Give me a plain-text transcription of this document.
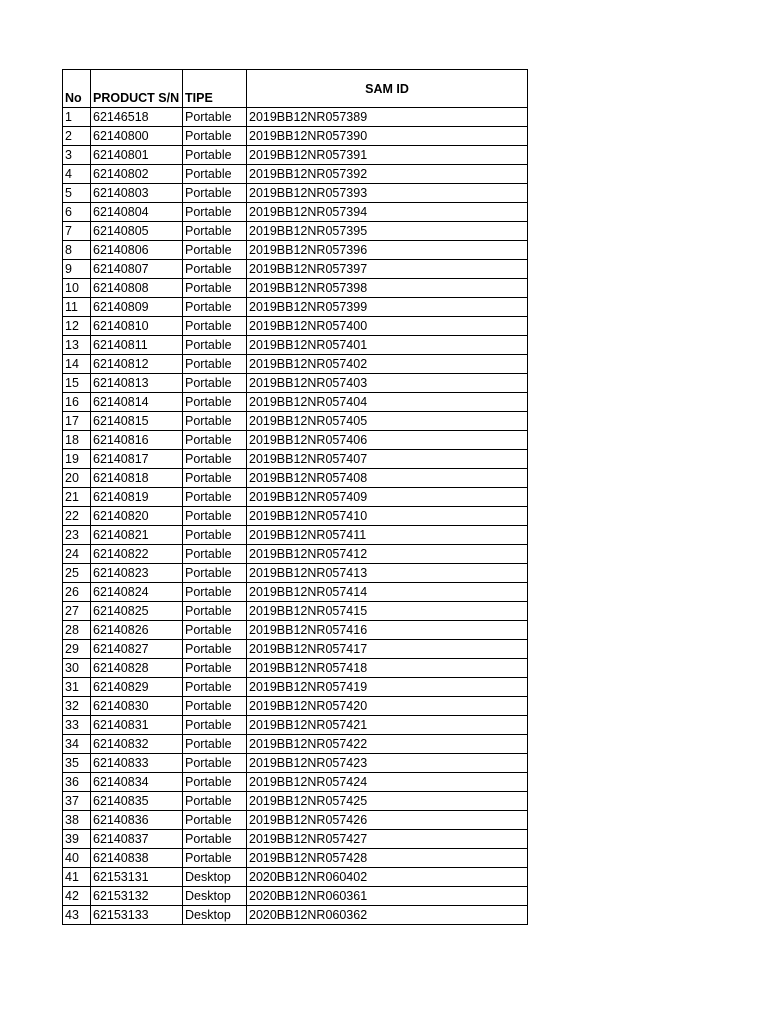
No	PRODUCT S/N	TIPE	SAM ID
1	62146518	Portable	2019BB12NR057389
2	62140800	Portable	2019BB12NR057390
3	62140801	Portable	2019BB12NR057391
4	62140802	Portable	2019BB12NR057392
5	62140803	Portable	2019BB12NR057393
6	62140804	Portable	2019BB12NR057394
7	62140805	Portable	2019BB12NR057395
8	62140806	Portable	2019BB12NR057396
9	62140807	Portable	2019BB12NR057397
10	62140808	Portable	2019BB12NR057398
11	62140809	Portable	2019BB12NR057399
12	62140810	Portable	2019BB12NR057400
13	62140811	Portable	2019BB12NR057401
14	62140812	Portable	2019BB12NR057402
15	62140813	Portable	2019BB12NR057403
16	62140814	Portable	2019BB12NR057404
17	62140815	Portable	2019BB12NR057405
18	62140816	Portable	2019BB12NR057406
19	62140817	Portable	2019BB12NR057407
20	62140818	Portable	2019BB12NR057408
21	62140819	Portable	2019BB12NR057409
22	62140820	Portable	2019BB12NR057410
23	62140821	Portable	2019BB12NR057411
24	62140822	Portable	2019BB12NR057412
25	62140823	Portable	2019BB12NR057413
26	62140824	Portable	2019BB12NR057414
27	62140825	Portable	2019BB12NR057415
28	62140826	Portable	2019BB12NR057416
29	62140827	Portable	2019BB12NR057417
30	62140828	Portable	2019BB12NR057418
31	62140829	Portable	2019BB12NR057419
32	62140830	Portable	2019BB12NR057420
33	62140831	Portable	2019BB12NR057421
34	62140832	Portable	2019BB12NR057422
35	62140833	Portable	2019BB12NR057423
36	62140834	Portable	2019BB12NR057424
37	62140835	Portable	2019BB12NR057425
38	62140836	Portable	2019BB12NR057426
39	62140837	Portable	2019BB12NR057427
40	62140838	Portable	2019BB12NR057428
41	62153131	Desktop	2020BB12NR060402
42	62153132	Desktop	2020BB12NR060361
43	62153133	Desktop	2020BB12NR060362
